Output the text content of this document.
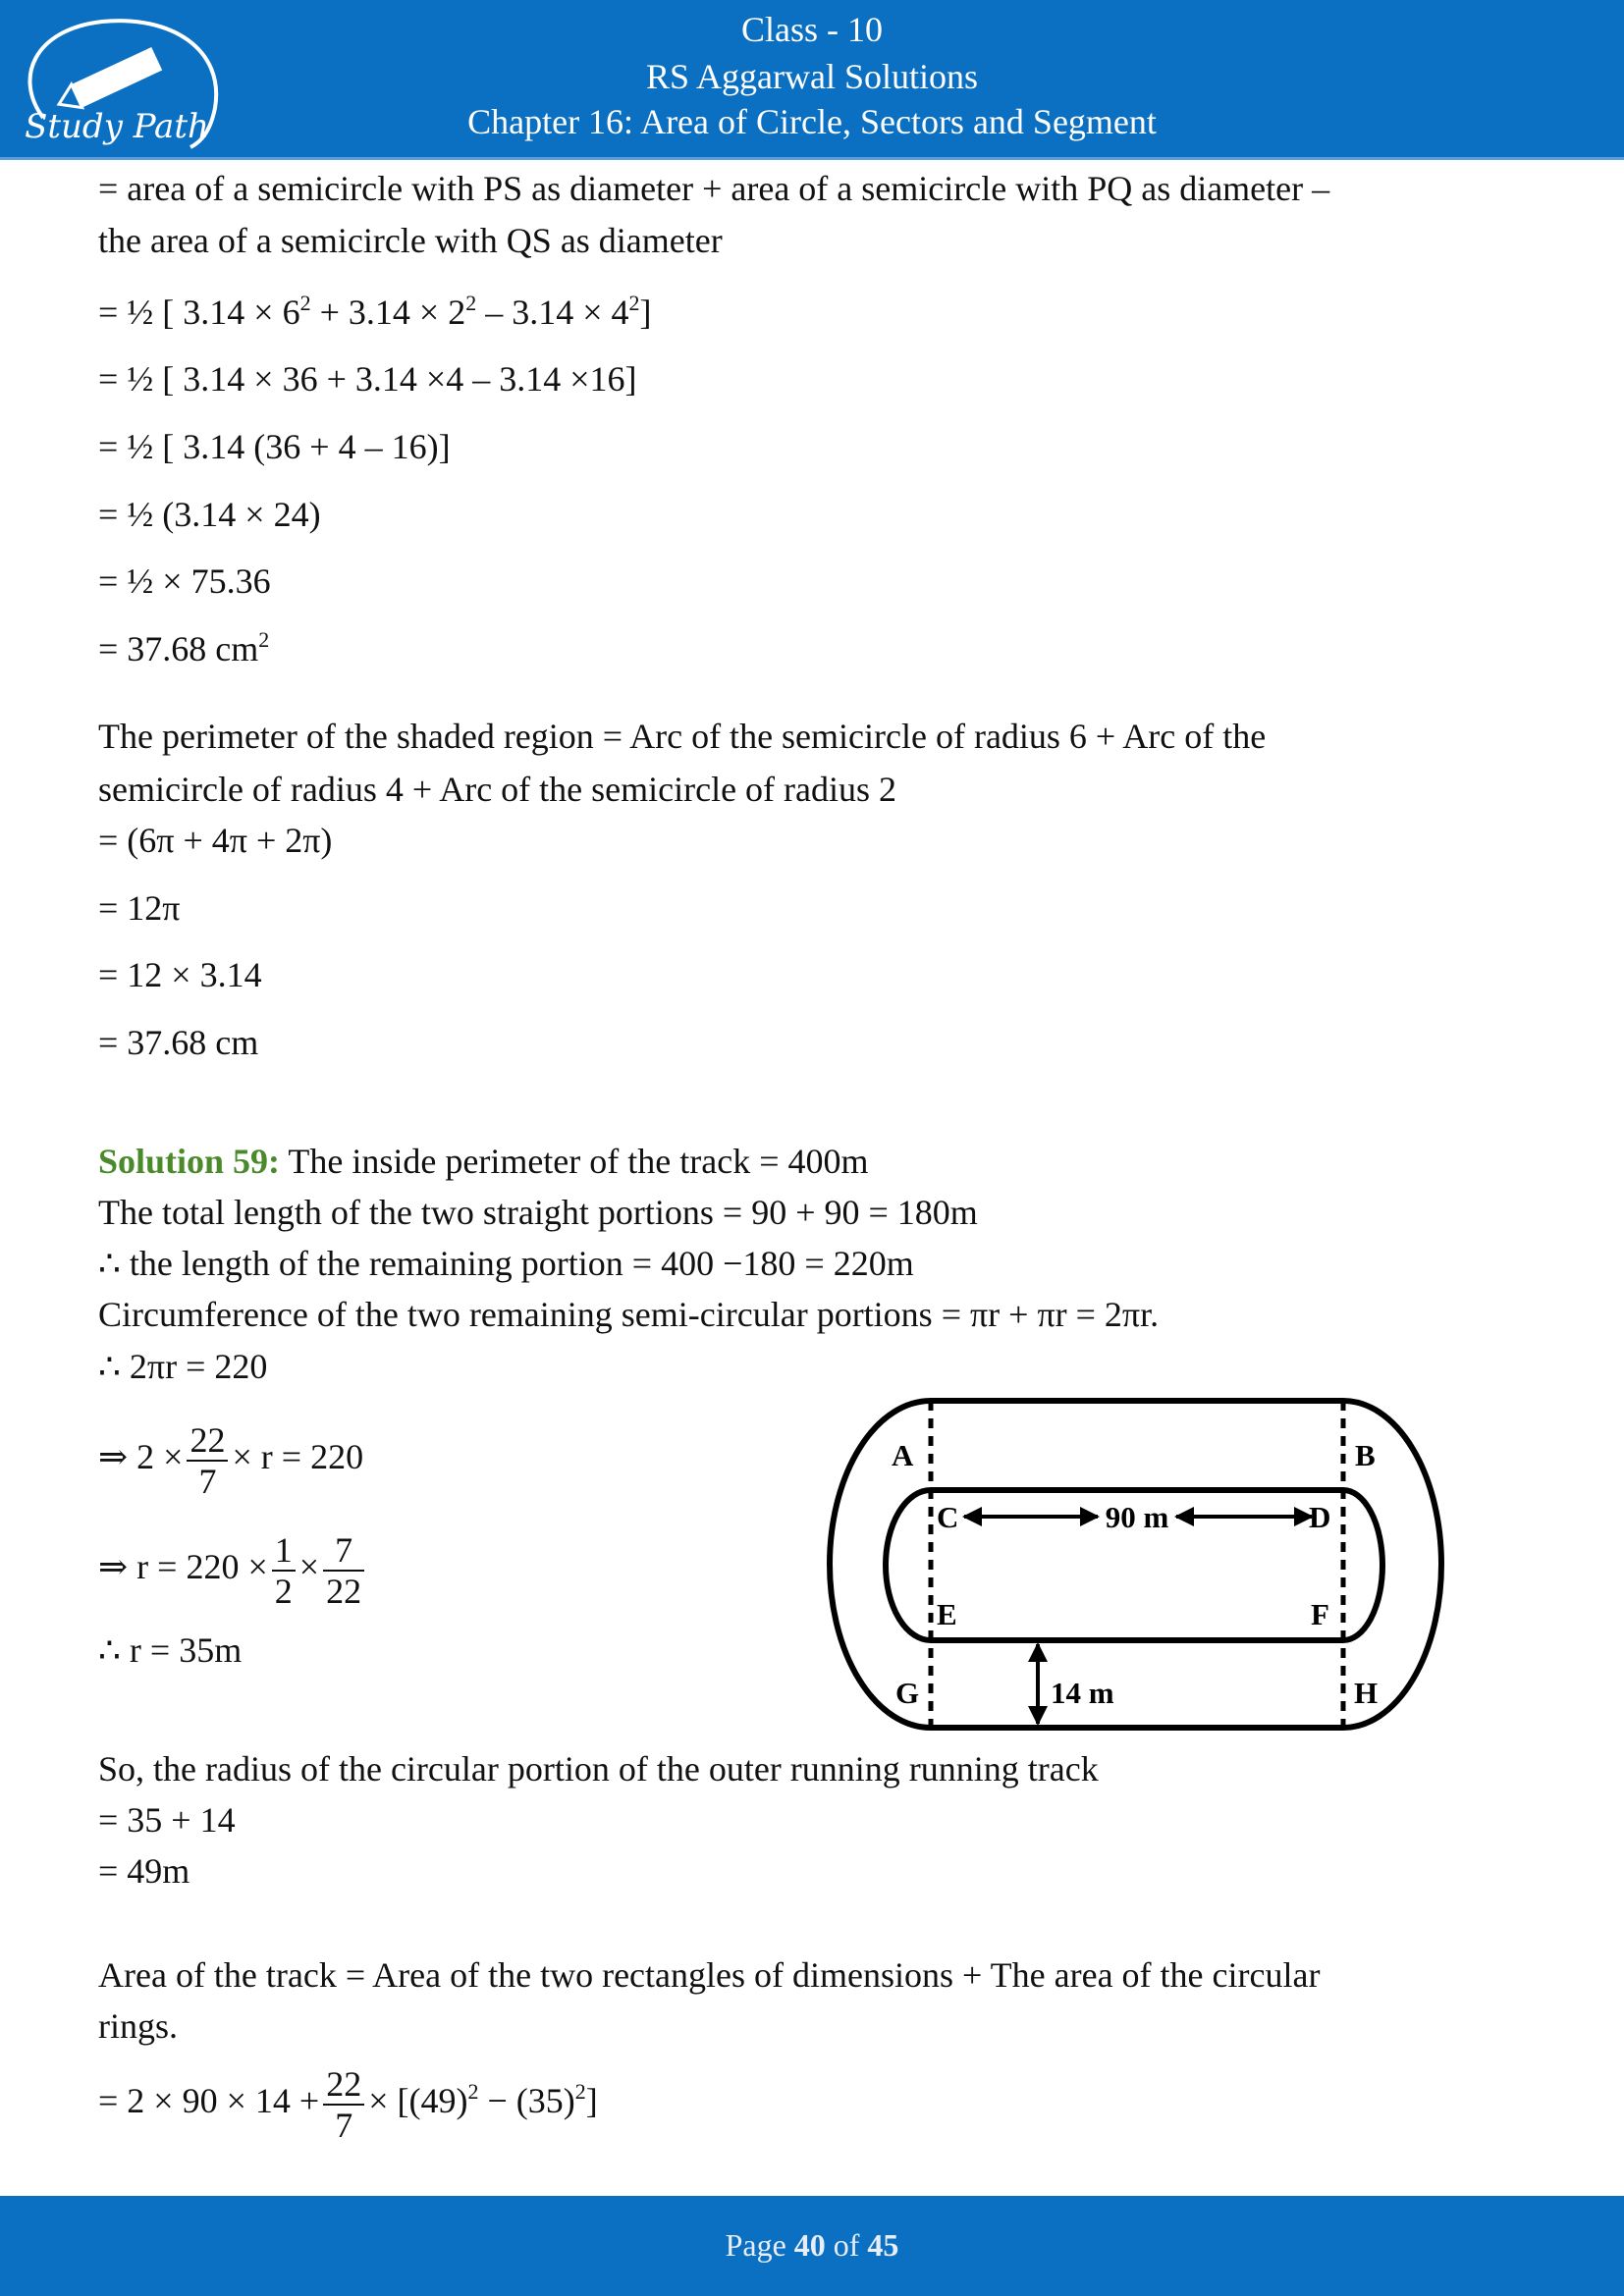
Study Path
Class - 10
RS Aggarwal Solutions
Chapter 16: Area of Circle, Sectors and Segment
= area of a semicircle with PS as diameter + area of a semicircle with PQ as diameter –
the area of a semicircle with QS as diameter
= ½ [ $3.14 \times 6^2 + 3.14 \times 2^2 - 3.14 \times 4^2$]
= ½ [ 3.14 × 36 + 3.14 ×4 – 3.14 ×16]
= ½ [ 3.14 (36 + 4 – 16)]
= ½ (3.14 × 24)
= ½ × 75.36
= 37.68 $cm^2$
The perimeter of the shaded region = Arc of the semicircle of radius 6 + Arc of the
semicircle of radius 4 + Arc of the semicircle of radius 2
= (6π + 4π + 2π)
= 12π
= 12 × 3.14
= 37.68 cm
Solution 59: The inside perimeter of the track = 400m
The total length of the two straight portions = 90 + 90 = 180m
∴ the length of the remaining portion = 400 −180 = 220m
Circumference of the two remaining semi-circular portions = πr + πr = 2πr.
∴ 2πr = 220
⇒ $2 \times \frac{22}{7} \times r = 220$
⇒ $r = 220 \times \frac{1}{2} \times \frac{7}{22}$
∴ r = 35m
So, the radius of the circular portion of the outer running running track
= 35 + 14
= 49m
Area of the track = Area of the two rectangles of dimensions + The area of the circular
rings.
= $2 \times 90 \times 14 + \frac{22}{7} \times [(49)^2 - (35)^2]$
A	B
C	D
E	F
G	H
90 m
14 m
Page 40 of 45
